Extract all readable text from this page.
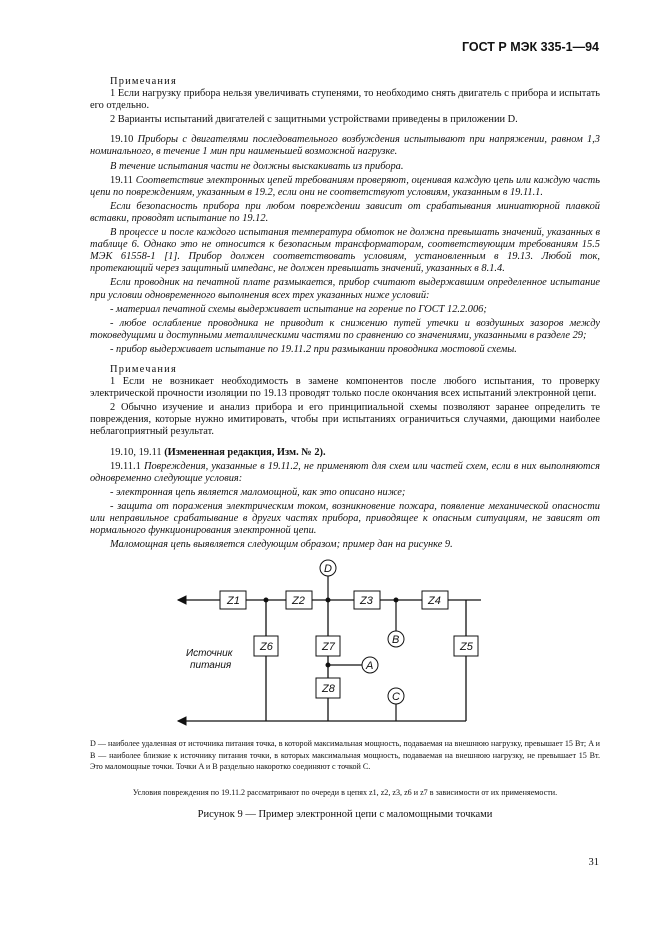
ГОСТ Р МЭК 335-1—94

Примечания

1 Если нагрузку прибора нельзя увеличивать ступенями, то необходимо снять двигатель с прибора и испытать его отдельно.

2 Варианты испытаний двигателей с защитными устройствами приведены в приложении D.

19.10 Приборы с двигателями последовательного возбуждения испытывают при напряжении, равном 1,3 номинального, в течение 1 мин при наименьшей возможной нагрузке.

В течение испытания части не должны выскакивать из прибора.

19.11 Соответствие электронных цепей требованиям проверяют, оценивая каждую цепь или каждую часть цепи по повреждениям, указанным в 19.2, если они не соответствуют условиям, указанным в 19.11.1.

Если безопасность прибора при любом повреждении зависит от срабатывания миниатюрной плавкой вставки, проводят испытание по 19.12.

В процессе и после каждого испытания температура обмоток не должна превышать значений, указанных в таблице 6. Однако это не относится к безопасным трансформаторам, соответствующим требованиям 15.5 МЭК 61558-1 [1]. Прибор должен соответствовать условиям, установленным в 19.13. Любой ток, протекающий через защитный импеданс, не должен превышать значений, указанных в 8.1.4.

Если проводник на печатной плате размыкается, прибор считают выдержавшим определенное испытание при условии одновременного выполнения всех трех указанных ниже условий:

- материал печатной схемы выдерживает испытание на горение по ГОСТ 12.2.006;

- любое ослабление проводника не приводит к снижению путей утечки и воздушных зазоров между токоведущими и доступными металлическими частями по сравнению со значениями, указанными в разделе 29;

- прибор выдерживает испытание по 19.11.2 при размыкании проводника мостовой схемы.

Примечания

1 Если не возникает необходимость в замене компонентов после любого испытания, то проверку электрической прочности изоляции по 19.13 проводят только после окончания всех испытаний электронной цепи.

2 Обычно изучение и анализ прибора и его принципиальной схемы позволяют заранее определить те повреждения, которые нужно имитировать, чтобы при испытаниях ограничиться случаями, дающими наиболее неблагоприятный результат.

19.10, 19.11 (Измененная редакция, Изм. № 2).

19.11.1 Повреждения, указанные в 19.11.2, не применяют для схем или частей схем, если в них выполняются одновременно следующие условия:

- электронная цепь является маломощной, как это описано ниже;

- защита от поражения электрическим током, возникновение пожара, появление механической опасности или неправильное срабатывание в других частях прибора, приводящее к опасным ситуациям, не зависят от нормального функционирования электронной цепи.

Маломощная цепь выявляется следующим образом; пример дан на рисунке 9.

Z1	Z2	Z3	Z4
Z5
Z6	Z7
Z8
D
B
A
C
Источник
питания
D — наиболее удаленная от источника питания точка, в которой максимальная мощность, подаваемая на внешнюю нагрузку, превышает 15 Вт; A и B — наиболее близкие к источнику питания точки, в которых максимальная мощность, подаваемая на внешнюю нагрузку, не превышает 15 Вт. Это маломощные точки. Точки A и B раздельно накоротко соединяют с точкой C.
Условия повреждения по 19.11.2 рассматривают по очереди в цепях z1, z2, z3, z6 и z7 в зависимости от их применяемости.
Рисунок 9 — Пример электронной цепи с маломощными точками
31
